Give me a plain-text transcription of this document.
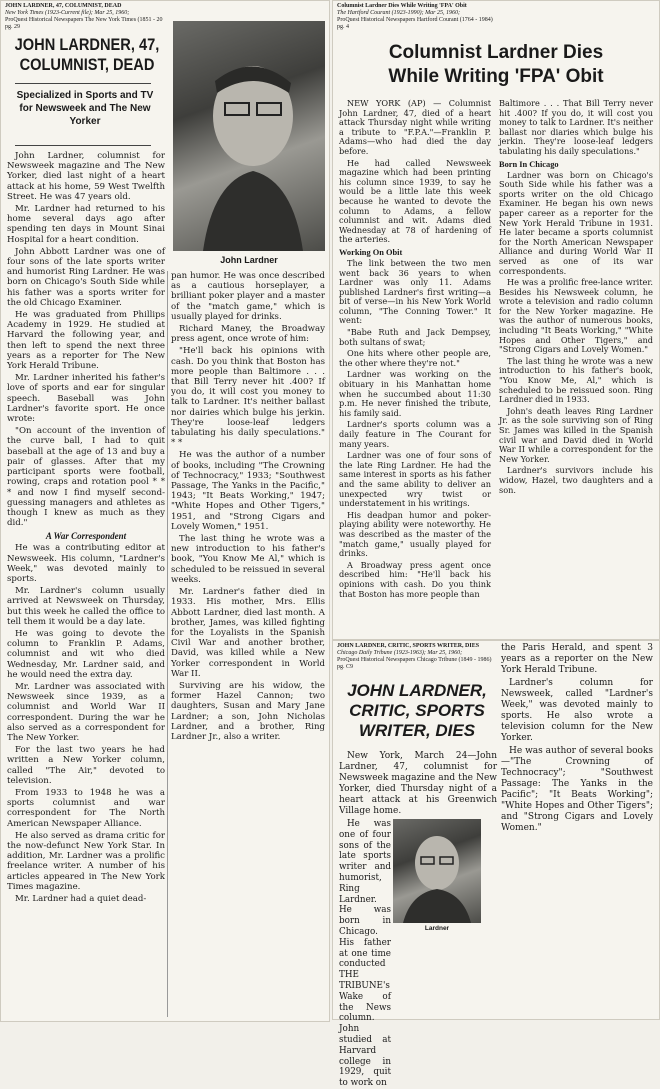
JOHN LARDNER, 47, COLUMNIST, DEAD

New York Times (1923-Current file); Mar 25, 1960;

ProQuest Historical Newspapers The New York Times (1851 - 20

pg. 29

JOHN LARDNER, 47,
COLUMNIST, DEAD
Specialized in Sports and TV for Newsweek and The New Yorker
John Lardner

John Lardner, columnist for Newsweek magazine and The New Yorker, died last night of a heart attack at his home, 59 West Twelfth Street. He was 47 years old.

Mr. Lardner had returned to his home several days ago after spending ten days in Mount Sinai Hospital for a heart condition.

John Abbott Lardner was one of four sons of the late sports writer and humorist Ring Lardner. He was born on Chicago's South Side while his father was a sports writer for the old Chicago Examiner.

He was graduated from Phillips Academy in 1929. He studied at Harvard the following year, and then left to spend the next three years as a reporter for The New York Herald Tribune.

Mr. Lardner inherited his father's love of sports and ear for singular speech. Baseball was John Lardner's favorite sport. He once wrote:

"On account of the invention of the curve ball, I had to quit baseball at the age of 13 and buy a pair of glasses. After that my participant sports were football, rowing, craps and rotation pool * * * and now I find myself second-guessing managers and athletes as though I knew as much as they did."

A War Correspondent

He was a contributing editor at Newsweek. His column, "Lardner's Week," was devoted mainly to sports.

Mr. Lardner's column usually arrived at Newsweek on Thursday, but this week he called the office to tell them it would be a day late.

He was going to devote the column to Franklin P. Adams, columnist and wit who died Wednesday, Mr. Lardner said, and he would need the extra day.

Mr. Lardner was associated with Newsweek since 1939, as a columnist and World War II correspondent. During the war he also served as a correspondent for The New Yorker.

For the last two years he had written a New Yorker column, called "The Air," devoted to television.

From 1933 to 1948 he was a sports columnist and war correspondent for The North American Newspaper Alliance.

He also served as drama critic for the now-defunct New York Star. In addition, Mr. Lardner was a prolific freelance writer. A number of his articles appeared in The New York Times magazine.

Mr. Lardner had a quiet dead-

pan humor. He was once described as a cautious horseplayer, a brilliant poker player and a master of the "match game," which is usually played for drinks.

Richard Maney, the Broadway press agent, once wrote of him:

"He'll back his opinions with cash. Do you think that Boston has more people than Baltimore . . . that Bill Terry never hit .400? If you do, it will cost you money to talk to Lardner. It's neither ballast nor dairies which bulge his jerkin. They're loose-leaf ledgers tabulating his daily speculations." * *

He was the author of a number of books, including "The Crowning of Technocracy," 1933; "Southwest Passage, The Yanks in the Pacific," 1943; "It Beats Working," 1947; "White Hopes and Other Tigers," 1951, and "Strong Cigars and Lovely Women," 1951.

The last thing he wrote was a new introduction to his father's book, "You Know Me Al," which is scheduled to be reissued in several weeks.

Mr. Lardner's father died in 1933. His mother, Mrs. Ellis Abbott Lardner, died last month. A brother, James, was killed fighting for the Loyalists in the Spanish Civil War and another brother, David, was killed while a New Yorker correspondent in World War II.

Surviving are his widow, the former Hazel Cannon; two daughters, Susan and Mary Jane Lardner; a son, John Nicholas Lardner, and a brother, Ring Lardner Jr., also a writer.

Columnist Lardner Dies While Writing 'FPA' Obit

The Hartford Courant (1923-1990); Mar 25, 1960;

ProQuest Historical Newspapers Hartford Courant (1764 - 1984)

pg. 4

Columnist Lardner Dies
While Writing 'FPA' Obit

NEW YORK (AP) — Columnist John Lardner, 47, died of a heart attack Thursday night while writing a tribute to "F.P.A."—Franklin P. Adams—who had died the day before.

He had called Newsweek magazine which had been printing his column since 1939, to say he would be a little late this week because he wanted to devote the column to Adams, a fellow columnist and wit. Adams died Wednesday at 78 of hardening of the arteries.

Working On Obit

The link between the two men went back 36 years to when Lardner was only 11. Adams published Lardner's first writing—a bit of verse—in his New York World column, "The Conning Tower." It went:

"Babe Ruth and Jack Dempsey, both sultans of swat;

One hits where other people are, the other where they're not."

Lardner was working on the obituary in his Manhattan home when he succumbed about 11:30 p.m. He never finished the tribute, his family said.

Lardner's sports column was a daily feature in The Courant for many years.

Lardner was one of four sons of the late Ring Lardner. He had the same interest in sports as his father and the same ability to deliver an unexpected wry twist or understatement in his writings.

His deadpan humor and poker-playing ability were noteworthy. He was described as the master of the "match game," usually played for drinks.

A Broadway press agent once described him: "He'll back his opinions with cash. Do you think that Boston has more people than

Baltimore . . . That Bill Terry never hit .400? If you do, it will cost you money to talk to Lardner. It's neither ballast nor diaries which bulge his jerkin. They're loose-leaf ledgers tabulating his daily speculations."

Born In Chicago

Lardner was born on Chicago's South Side while his father was a sports writer on the old Chicago Examiner. He began his own news paper career as a reporter for the New York Herald Tribune in 1931. He later became a sports columnist for the North American Newspaper Alliance and during World War II served as one of its war correspondents.

He was a prolific free-lance writer. Besides his Newsweek column, he wrote a television and radio column for the New Yorker magazine. He was the author of numerous books, including "It Beats Working," "White Hopes and Other Tigers," and "Strong Cigars and Lovely Women."

The last thing he wrote was a new introduction to his father's book, "You Know Me, Al," which is scheduled to be reissued soon. Ring Lardner died in 1933.

John's death leaves Ring Lardner Jr. as the sole surviving son of Ring Sr. James was killed in the Spanish civil war and David died in World War II while a correspondent for the New Yorker.

Lardner's survivors include his widow, Hazel, two daughters and a son.

JOHN LARDNER, CRITIC, SPORTS WRITER, DIES

Chicago Daily Tribune (1923-1963); Mar 25, 1960;

ProQuest Historical Newspapers Chicago Tribune (1849 - 1986)

pg. C9

JOHN LARDNER,
CRITIC, SPORTS
WRITER, DIES

New York, March 24—John Lardner, 47, columnist for Newsweek magazine and the New Yorker, died Thursday night of a heart attack at his Greenwich Village home.

Lardner

He was one of four sons of the late sports writer and humorist, Ring Lardner. He was born in Chicago. His father at one time conducted THE TRIBUNE's Wake of the News column. John studied at Harvard college in 1929, quit to work on

the Paris Herald, and spent 3 years as a reporter on the New York Herald Tribune.

Lardner's column for Newsweek, called "Lardner's Week," was devoted mainly to sports. He also wrote a television column for the New Yorker.

He was author of several books—"The Crowning of Technocracy"; "Southwest Passage: The Yanks in the Pacific"; "It Beats Working"; "White Hopes and Other Tigers"; and "Strong Cigars and Lovely Women."
